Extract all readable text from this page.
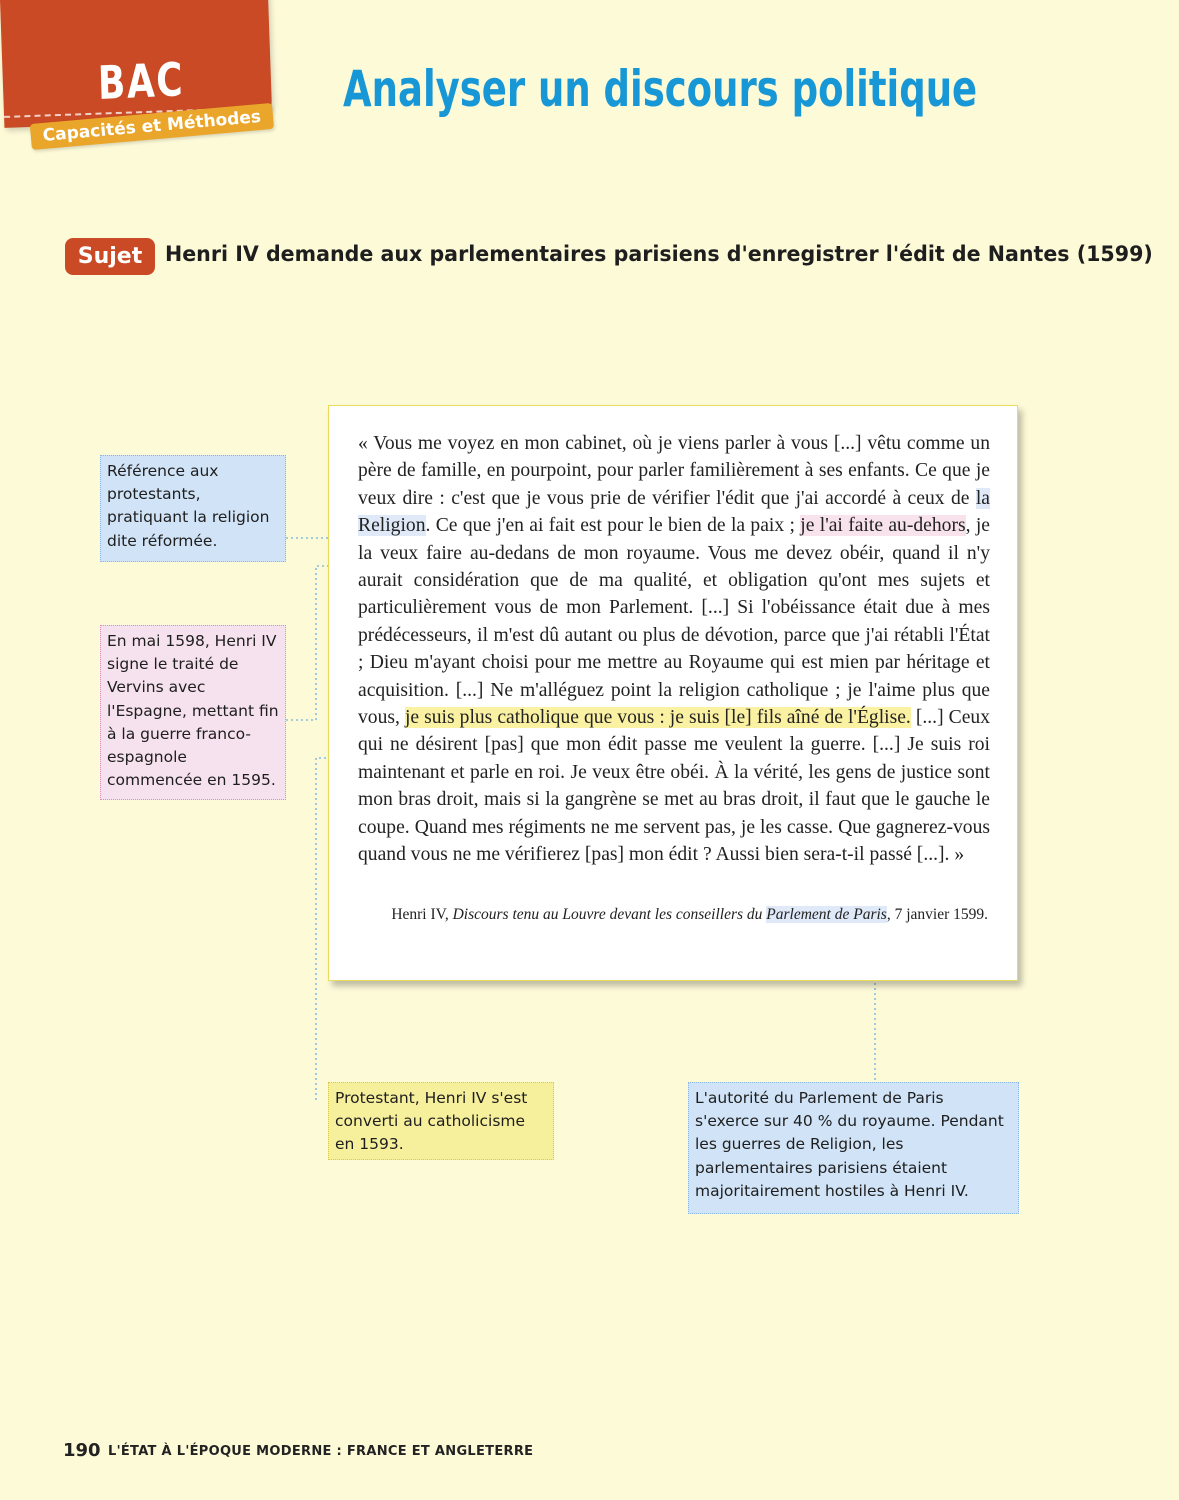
BAC
Capacités et Méthodes
Analyser un discours politique
Sujet	Henri IV demande aux parlementaires parisiens d'enregistrer l'édit de Nantes (1599)
« Vous me voyez en mon cabinet, où je viens parler à vous [...] vêtu comme un père de famille, en pourpoint, pour parler familièrement à ses enfants. Ce que je veux dire : c'est que je vous prie de vérifier l'édit que j'ai accordé à ceux de la Religion. Ce que j'en ai fait est pour le bien de la paix ; je l'ai faite au-dehors, je la veux faire au-dedans de mon royaume. Vous me devez obéir, quand il n'y aurait considération que de ma qualité, et obligation qu'ont mes sujets et particulièrement vous de mon Parlement. [...] Si l'obéissance était due à mes prédécesseurs, il m'est dû autant ou plus de dévotion, parce que j'ai rétabli l'État ; Dieu m'ayant choisi pour me mettre au Royaume qui est mien par héritage et acquisition. [...] Ne m'alléguez point la religion catholique ; je l'aime plus que vous, je suis plus catholique que vous : je suis [le] fils aîné de l'Église. [...] Ceux qui ne désirent [pas] que mon édit passe me veulent la guerre. [...] Je suis roi maintenant et parle en roi. Je veux être obéi. À la vérité, les gens de justice sont mon bras droit, mais si la gangrène se met au bras droit, il faut que le gauche le coupe. Quand mes régiments ne me servent pas, je les casse. Que gagnerez-vous quand vous ne me vérifierez [pas] mon édit ? Aussi bien sera-t-il passé [...]. »
Henri IV, Discours tenu au Louvre devant les conseillers du Parlement de Paris, 7 janvier 1599.
Référence aux protestants, pratiquant la religion dite réformée.
En mai 1598, Henri IV signe le traité de Vervins avec l'Espagne, mettant fin à la guerre franco-espagnole commencée en 1595.
Protestant, Henri IV s'est converti au catholicisme en 1593.
L'autorité du Parlement de Paris s'exerce sur 40 % du royaume. Pendant les guerres de Religion, les parlementaires parisiens étaient majoritairement hostiles à Henri IV.
190 L'ÉTAT À L'ÉPOQUE MODERNE : FRANCE ET ANGLETERRE
